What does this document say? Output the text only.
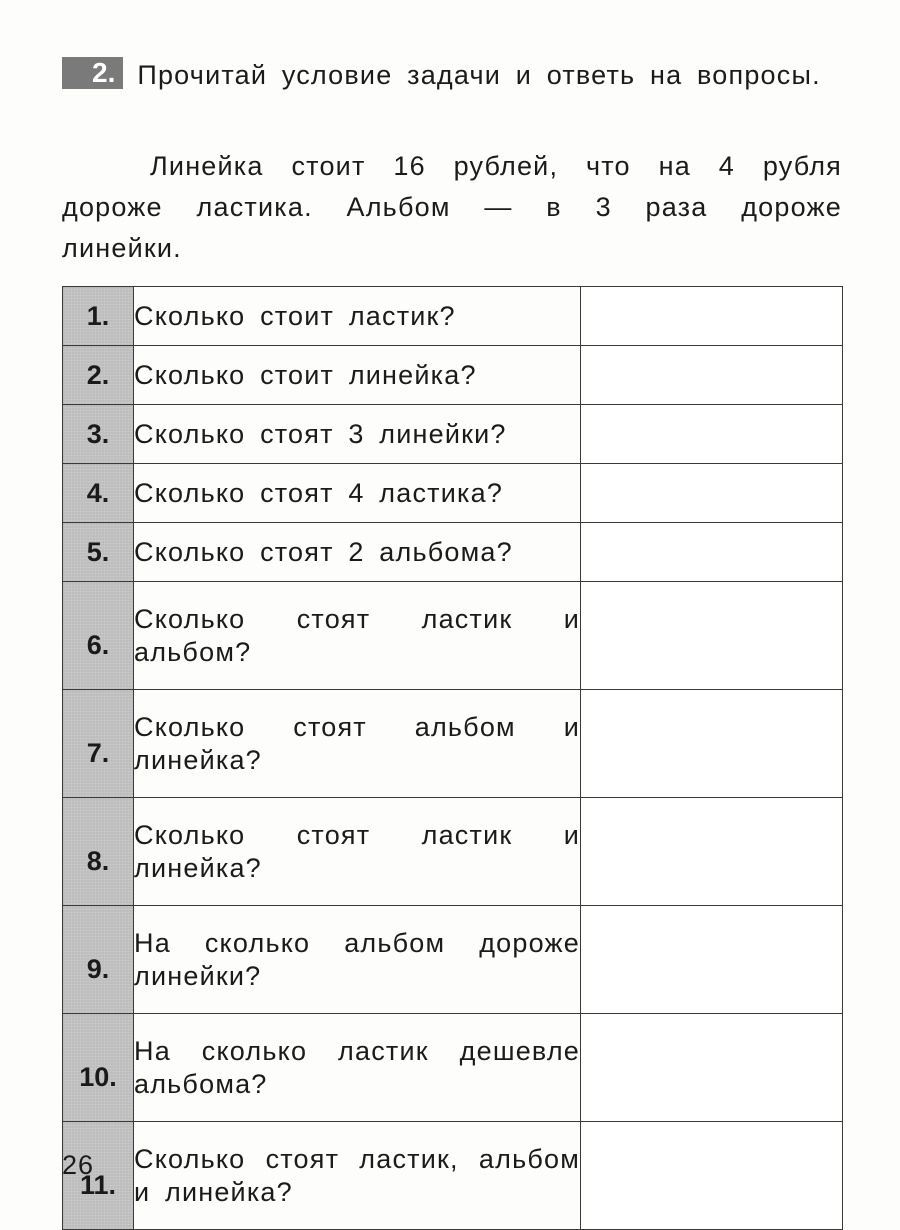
2. Прочитай условие задачи и ответь на вопросы.
Линейка стоит 16 рублей, что на 4 рубля дороже ластика. Альбом — в 3 раза дороже линейки.
1.	Сколько стоит ластик?	
2.	Сколько стоит линейка?	
3.	Сколько стоят 3 линейки?	
4.	Сколько стоят 4 ластика?	
5.	Сколько стоят 2 альбома?	
6.	Сколько стоят ластик и альбом?	
7.	Сколько стоят альбом и линейка?	
8.	Сколько стоят ластик и линейка?	
9.	На сколько альбом дороже линейки?	
10.	На сколько ластик дешевле альбома?	
11.	Сколько стоят ластик, альбом и линейка?	
26
